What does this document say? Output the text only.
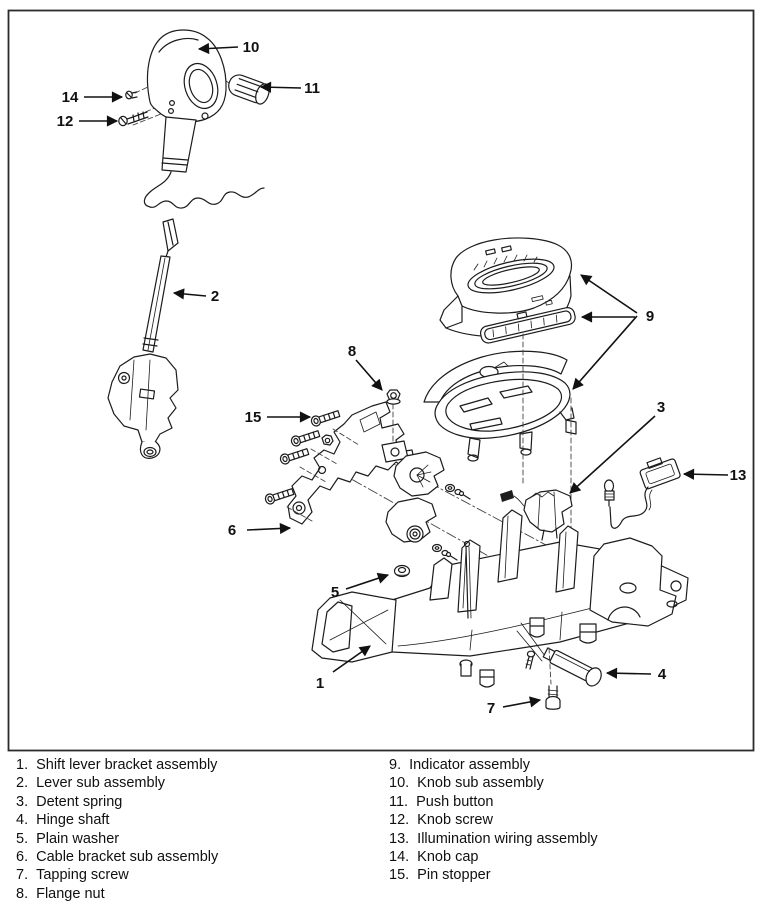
10
11
14
12
2
9
8
15
3
13
6
5
1
7
4
1. Shift lever bracket assembly
2. Lever sub assembly
3. Detent spring
4. Hinge shaft
5. Plain washer
6. Cable bracket sub assembly
7. Tapping screw
8. Flange nut
9. Indicator assembly
10. Knob sub assembly
11. Push button
12. Knob screw
13. Illumination wiring assembly
14. Knob cap
15. Pin stopper
